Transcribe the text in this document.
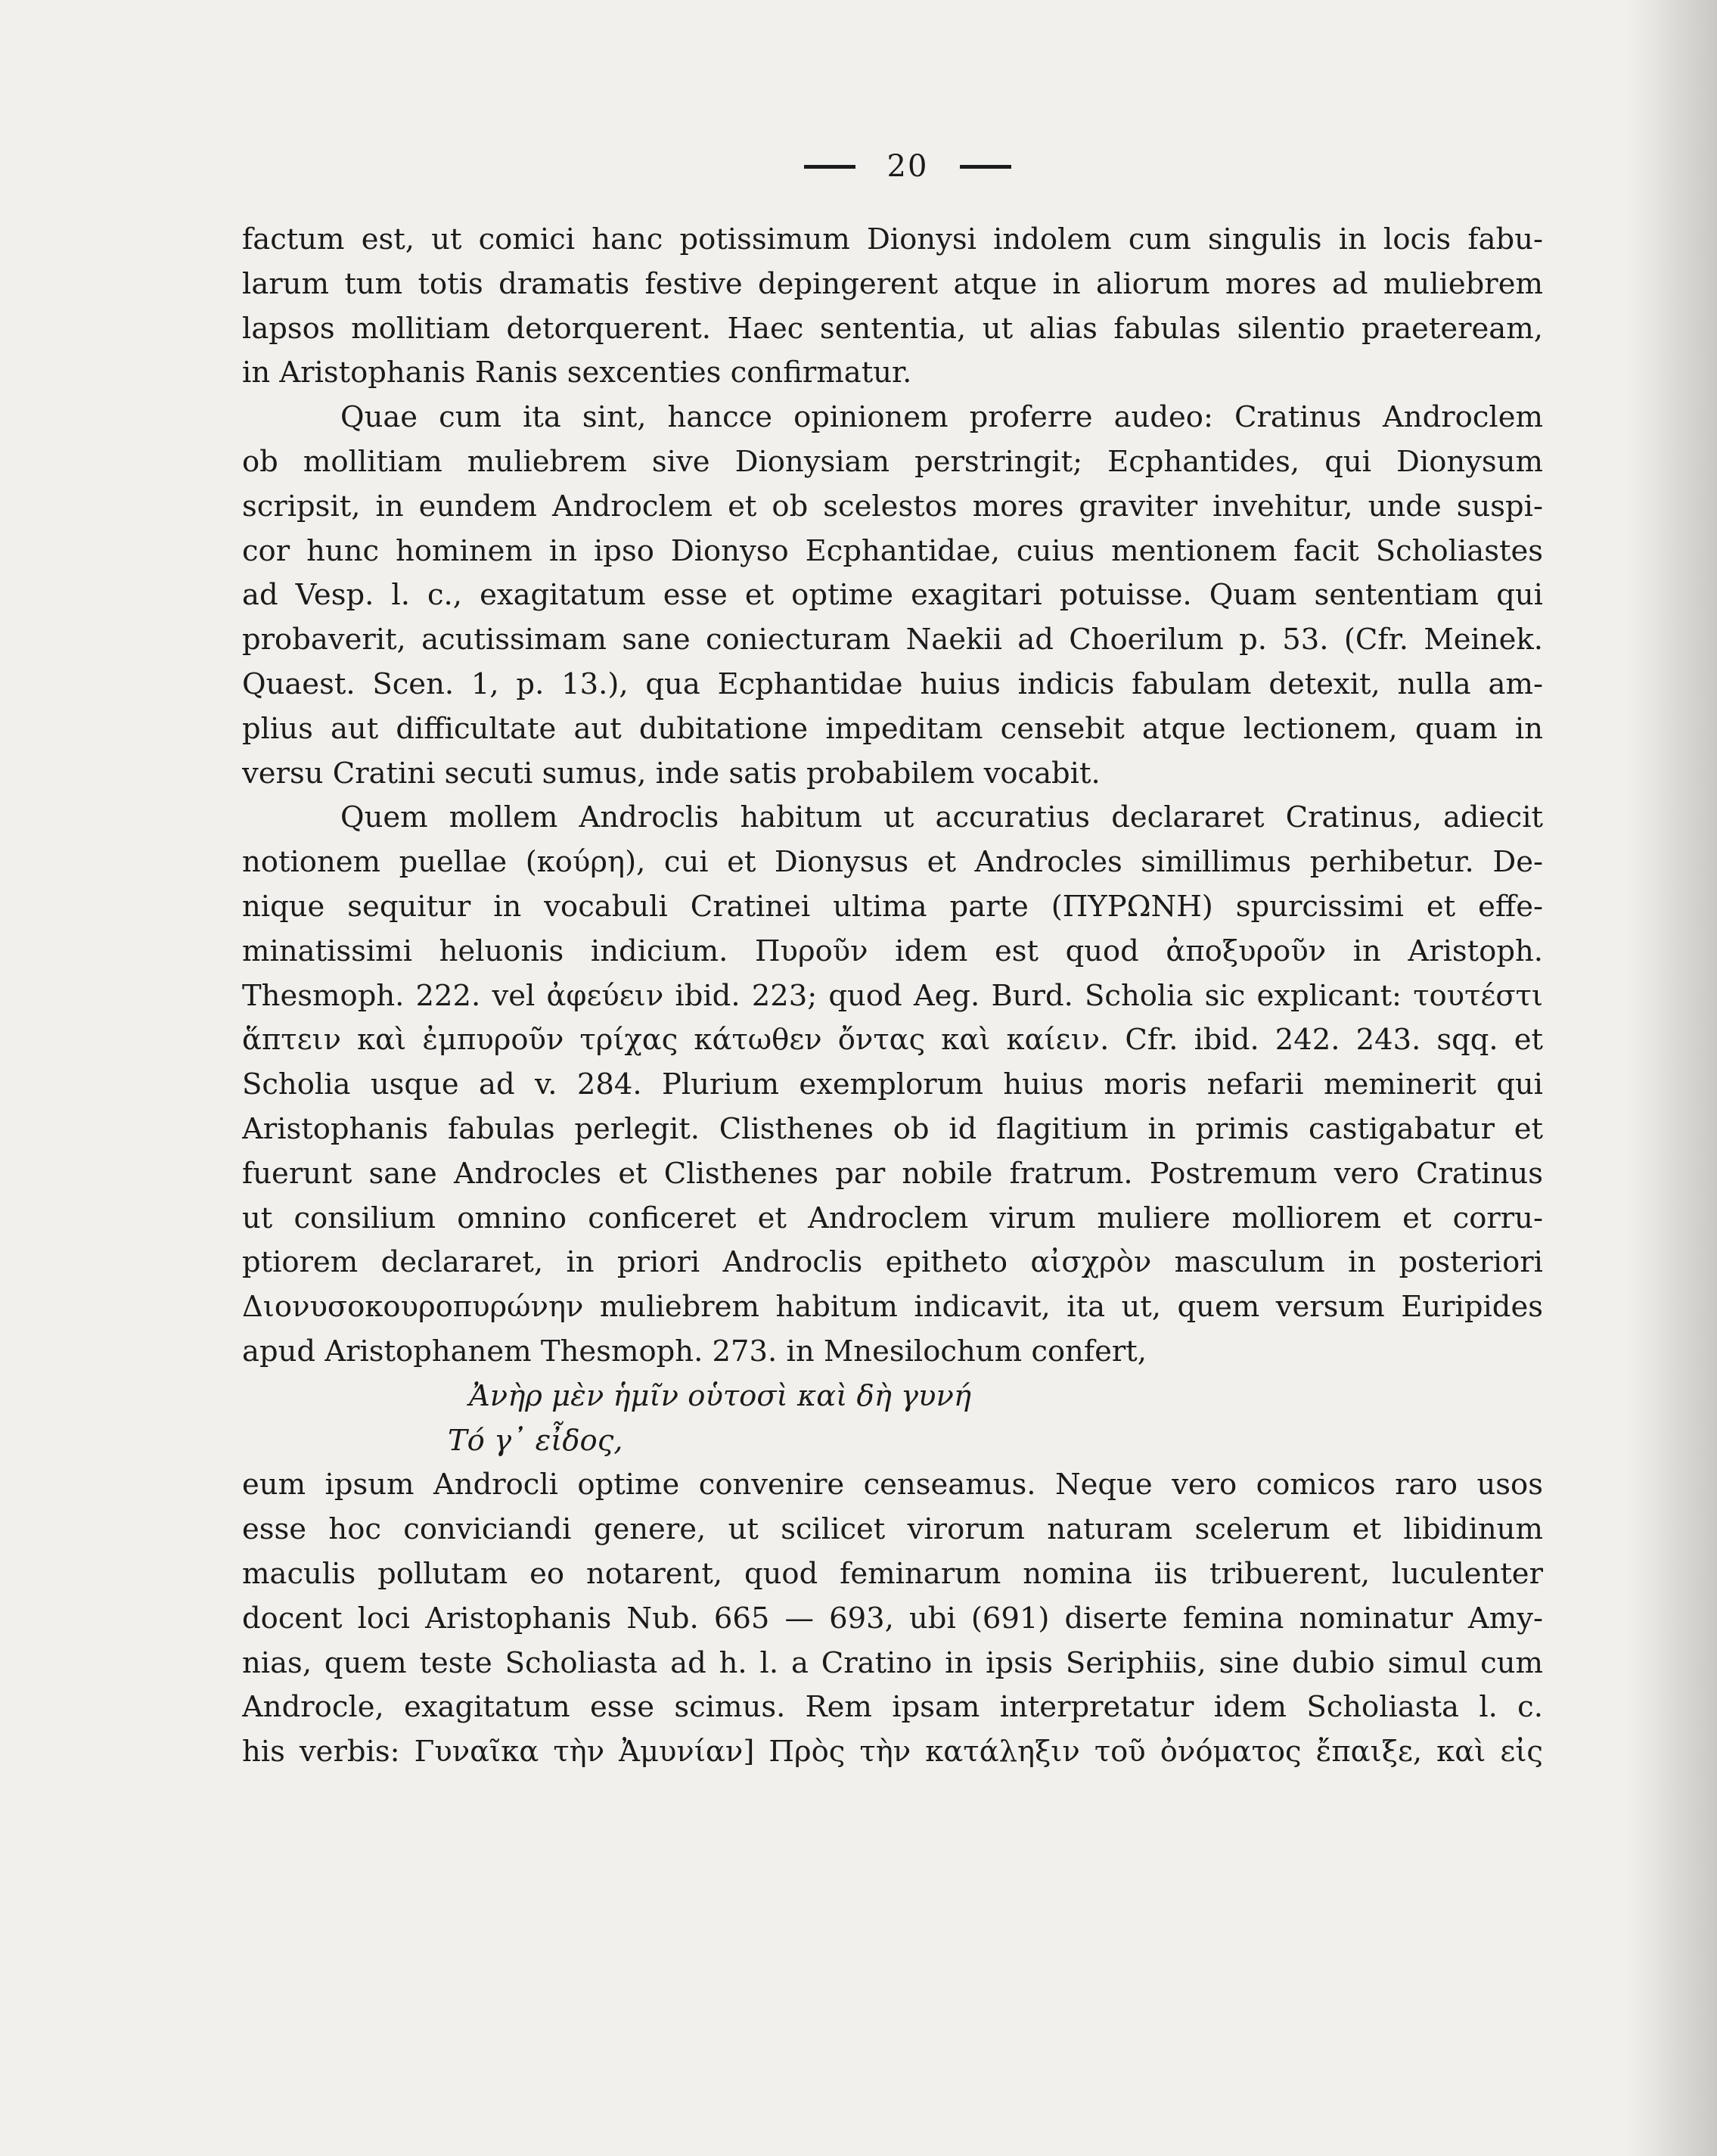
20
factum est, ut comici hanc potissimum Dionysi indolem cum singulis in locis fabu-
larum tum totis dramatis festive depingerent atque in aliorum mores ad muliebrem
lapsos mollitiam detorquerent. Haec sententia, ut alias fabulas silentio praeteream,
in Aristophanis Ranis sexcenties confirmatur.
Quae cum ita sint, hancce opinionem proferre audeo: Cratinus Androclem
ob mollitiam muliebrem sive Dionysiam perstringit; Ecphantides, qui Dionysum
scripsit, in eundem Androclem et ob scelestos mores graviter invehitur, unde suspi-
cor hunc hominem in ipso Dionyso Ecphantidae, cuius mentionem facit Scholiastes
ad Vesp. l. c., exagitatum esse et optime exagitari potuisse. Quam sententiam qui
probaverit, acutissimam sane coniecturam Naekii ad Choerilum p. 53. (Cfr. Meinek.
Quaest. Scen. 1, p. 13.), qua Ecphantidae huius indicis fabulam detexit, nulla am-
plius aut difficultate aut dubitatione impeditam censebit atque lectionem, quam in
versu Cratini secuti sumus, inde satis probabilem vocabit.
Quem mollem Androclis habitum ut accuratius declararet Cratinus, adiecit
notionem puellae (κούρη), cui et Dionysus et Androcles simillimus perhibetur. De-
nique sequitur in vocabuli Cratinei ultima parte (ΠΥΡΩΝΗ) spurcissimi et effe-
minatissimi heluonis indicium. Πυροῦν idem est quod ἀποξυροῦν in Aristoph.
Thesmoph. 222. vel ἀφεύειν ibid. 223; quod Aeg. Burd. Scholia sic explicant: τουτέστι
ἅπτειν καὶ ἐμπυροῦν τρίχας κάτωθεν ὄντας καὶ καίειν. Cfr. ibid. 242. 243. sqq. et
Scholia usque ad v. 284. Plurium exemplorum huius moris nefarii meminerit qui
Aristophanis fabulas perlegit. Clisthenes ob id flagitium in primis castigabatur et
fuerunt sane Androcles et Clisthenes par nobile fratrum. Postremum vero Cratinus
ut consilium omnino conficeret et Androclem virum muliere molliorem et corru-
ptiorem declararet, in priori Androclis epitheto αἰσχρὸν masculum in posteriori
Διονυσοκουροπυρώνην muliebrem habitum indicavit, ita ut, quem versum Euripides
apud Aristophanem Thesmoph. 273. in Mnesilochum confert,
Ἀνὴρ μὲν ἡμῖν οὑτοσὶ καὶ δὴ γυνή
Τό γ᾽ εἶδος,
eum ipsum Androcli optime convenire censeamus. Neque vero comicos raro usos
esse hoc conviciandi genere, ut scilicet virorum naturam scelerum et libidinum
maculis pollutam eo notarent, quod feminarum nomina iis tribuerent, luculenter
docent loci Aristophanis Nub. 665 — 693, ubi (691) diserte femina nominatur Amy-
nias, quem teste Scholiasta ad h. l. a Cratino in ipsis Seriphiis, sine dubio simul cum
Androcle, exagitatum esse scimus. Rem ipsam interpretatur idem Scholiasta l. c.
his verbis: Γυναῖκα τὴν Ἀμυνίαν] Πρὸς τὴν κατάληξιν τοῦ ὀνόματος ἔπαιξε, καὶ εἰς
